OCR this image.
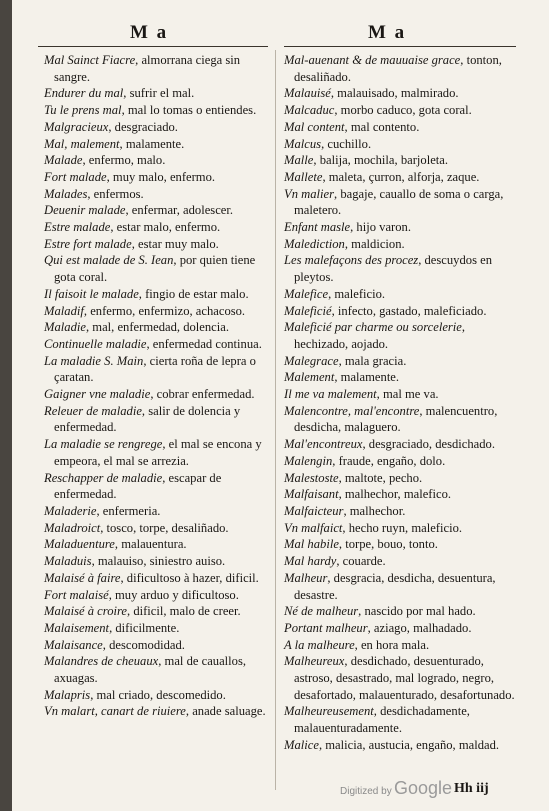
M a	M a

Mal Sainct Fiacre, almorrana ciega sin sangre.

Endurer du mal, sufrir el mal.

Tu le prens mal, mal lo tomas o entiendes.

Malgracieux, desgraciado.

Mal, malement, malamente.

Malade, enfermo, malo.

Fort malade, muy malo, enfermo.

Malades, enfermos.

Deuenir malade, enfermar, adolescer.

Estre malade, estar malo, enfermo.

Estre fort malade, estar muy malo.

Qui est malade de S. Iean, por quien tiene gota coral.

Il faisoit le malade, fingio de estar malo.

Maladif, enfermo, enfermizo, achacoso.

Maladie, mal, enfermedad, dolencia.

Continuelle maladie, enfermedad continua.

La maladie S. Main, cierta roña de lepra o çaratan.

Gaigner vne maladie, cobrar enfermedad.

Releuer de maladie, salir de dolencia y enfermedad.

La maladie se rengrege, el mal se encona y empeora, el mal se arrezia.

Reschapper de maladie, escapar de enfermedad.

Maladerie, enfermeria.

Maladroict, tosco, torpe, desaliñado.

Maladuenture, malauentura.

Maladuis, malauiso, siniestro auiso.

Malaisé à faire, dificultoso à hazer, dificil.

Fort malaisé, muy arduo y dificultoso.

Malaisé à croire, dificil, malo de creer.

Malaisement, dificilmente.

Malaisance, descomodidad.

Malandres de cheuaux, mal de cauallos, axuagas.

Malapris, mal criado, descomedido.

Vn malart, canart de riuiere, anade saluage.

Mal-auenant & de mauuaise grace, tonton, desaliñado.

Malauisé, malauisado, malmirado.

Malcaduc, morbo caduco, gota coral.

Mal content, mal contento.

Malcus, cuchillo.

Malle, balija, mochila, barjoleta.

Mallete, maleta, çurron, alforja, zaque.

Vn malier, bagaje, cauallo de soma o carga, maletero.

Enfant masle, hijo varon.

Malediction, maldicion.

Les malefaçons des procez, descuydos en pleytos.

Malefice, maleficio.

Maleficié, infecto, gastado, maleficiado.

Maleficié par charme ou sorcelerie, hechizado, aojado.

Malegrace, mala gracia.

Malement, malamente.

Il me va malement, mal me va.

Malencontre, mal'encontre, malencuentro, desdicha, malaguero.

Mal'encontreux, desgraciado, desdichado.

Malengin, fraude, engaño, dolo.

Malestoste, maltote, pecho.

Malfaisant, malhechor, malefico.

Malfaicteur, malhechor.

Vn malfaict, hecho ruyn, maleficio.

Mal habile, torpe, bouo, tonto.

Mal hardy, couarde.

Malheur, desgracia, desdicha, desuentura, desastre.

Né de malheur, nascido por mal hado.

Portant malheur, aziago, malhadado.

A la malheure, en hora mala.

Malheureux, desdichado, desuenturado, astroso, desastrado, mal logrado, negro, desafortado, malauenturado, desafortunado.

Malheureusement, desdichadamente, malauenturadamente.

Malice, malicia, austucia, engaño, maldad.

Digitized by Google Hh iij
